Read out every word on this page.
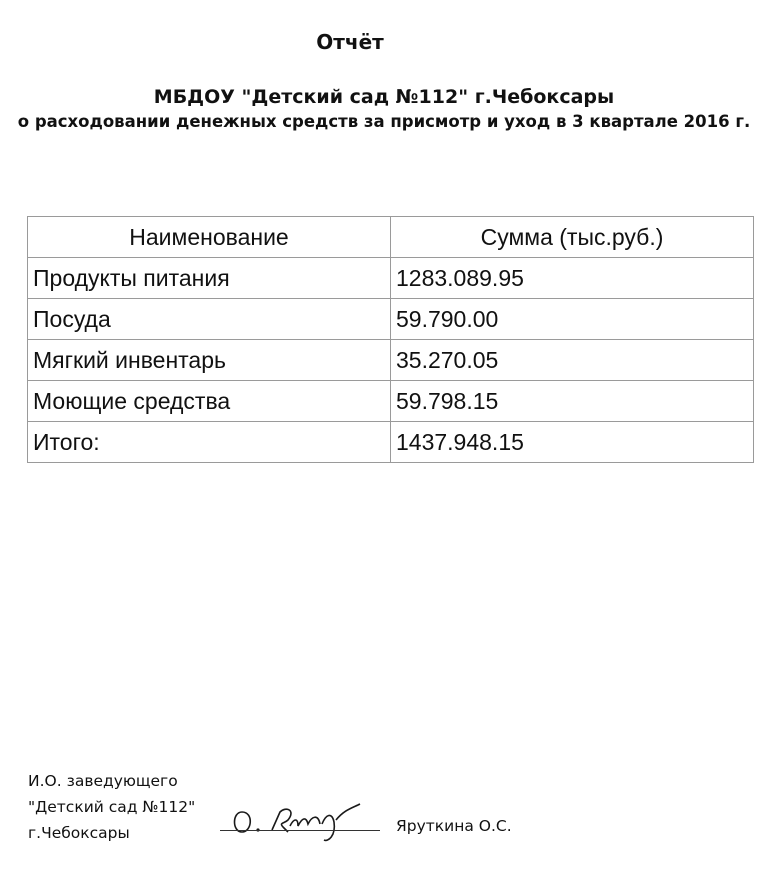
Отчёт
МБДОУ "Детский сад №112" г.Чебоксары
о расходовании денежных средств за присмотр и уход в 3 квартале 2016 г.
Наименование	Сумма (тыс.руб.)
Продукты питания	1283.089.95
Посуда	59.790.00
Мягкий инвентарь	35.270.05
Моющие средства	59.798.15
Итого:	1437.948.15
И.О. заведующего
"Детский сад №112"
г.Чебоксары	Яруткина О.С.
